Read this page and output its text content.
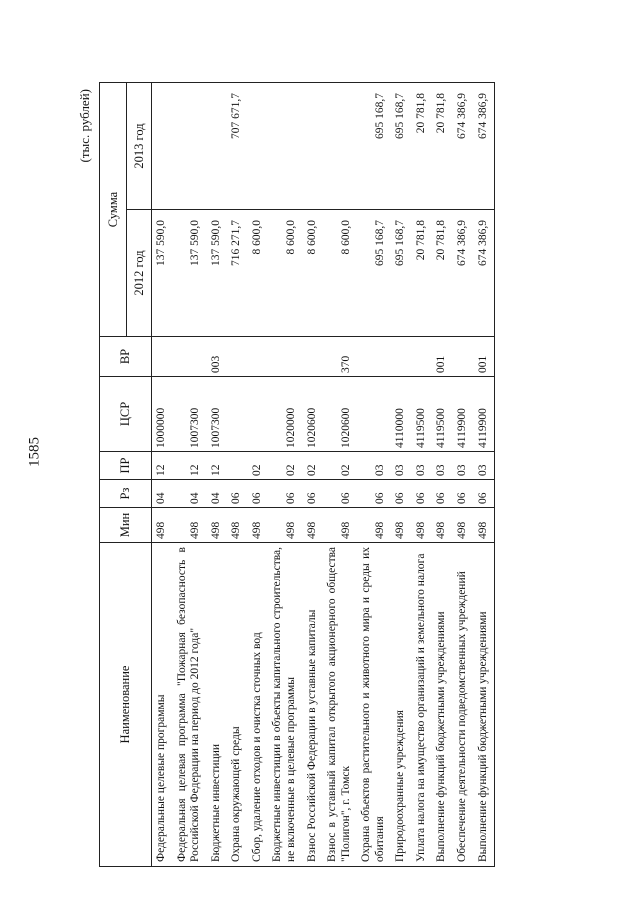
1585
(тыс. рублей)
Наименование	Мин	Рз	ПР	ЦСР	ВР	Сумма	
						2012 год	2013 год
Федеральные целевые программы	498	04	12	1000000		137 590,0	
Федеральная целевая программа "Пожарная безопасность в Российской Федерации на период до 2012 года"	498	04	12	1007300		137 590,0	
Бюджетные инвестиции	498	04	12	1007300	003	137 590,0	
Охрана окружающей среды	498	06				716 271,7	707 671,7
Сбор, удаление отходов и очистка сточных вод	498	06	02			8 600,0	
Бюджетные инвестиции в объекты капитального строительства, не включенные в целевые программы	498	06	02	1020000		8 600,0	
Взнос Российской Федерации в уставные капиталы	498	06	02	1020600		8 600,0	
Взнос в уставный капитал открытого акционерного общества "Полигон", г. Томск	498	06	02	1020600	370	8 600,0	
Охрана объектов растительного и животного мира и среды их обитания	498	06	03			695 168,7	695 168,7
Природоохранные учреждения	498	06	03	4110000		695 168,7	695 168,7
Уплата налога на имущество организаций и земельного налога	498	06	03	4119500		20 781,8	20 781,8
Выполнение функций бюджетными учреждениями	498	06	03	4119500	001	20 781,8	20 781,8
Обеспечение деятельности подведомственных учреждений	498	06	03	4119900		674 386,9	674 386,9
Выполнение функций бюджетными учреждениями	498	06	03	4119900	001	674 386,9	674 386,9
